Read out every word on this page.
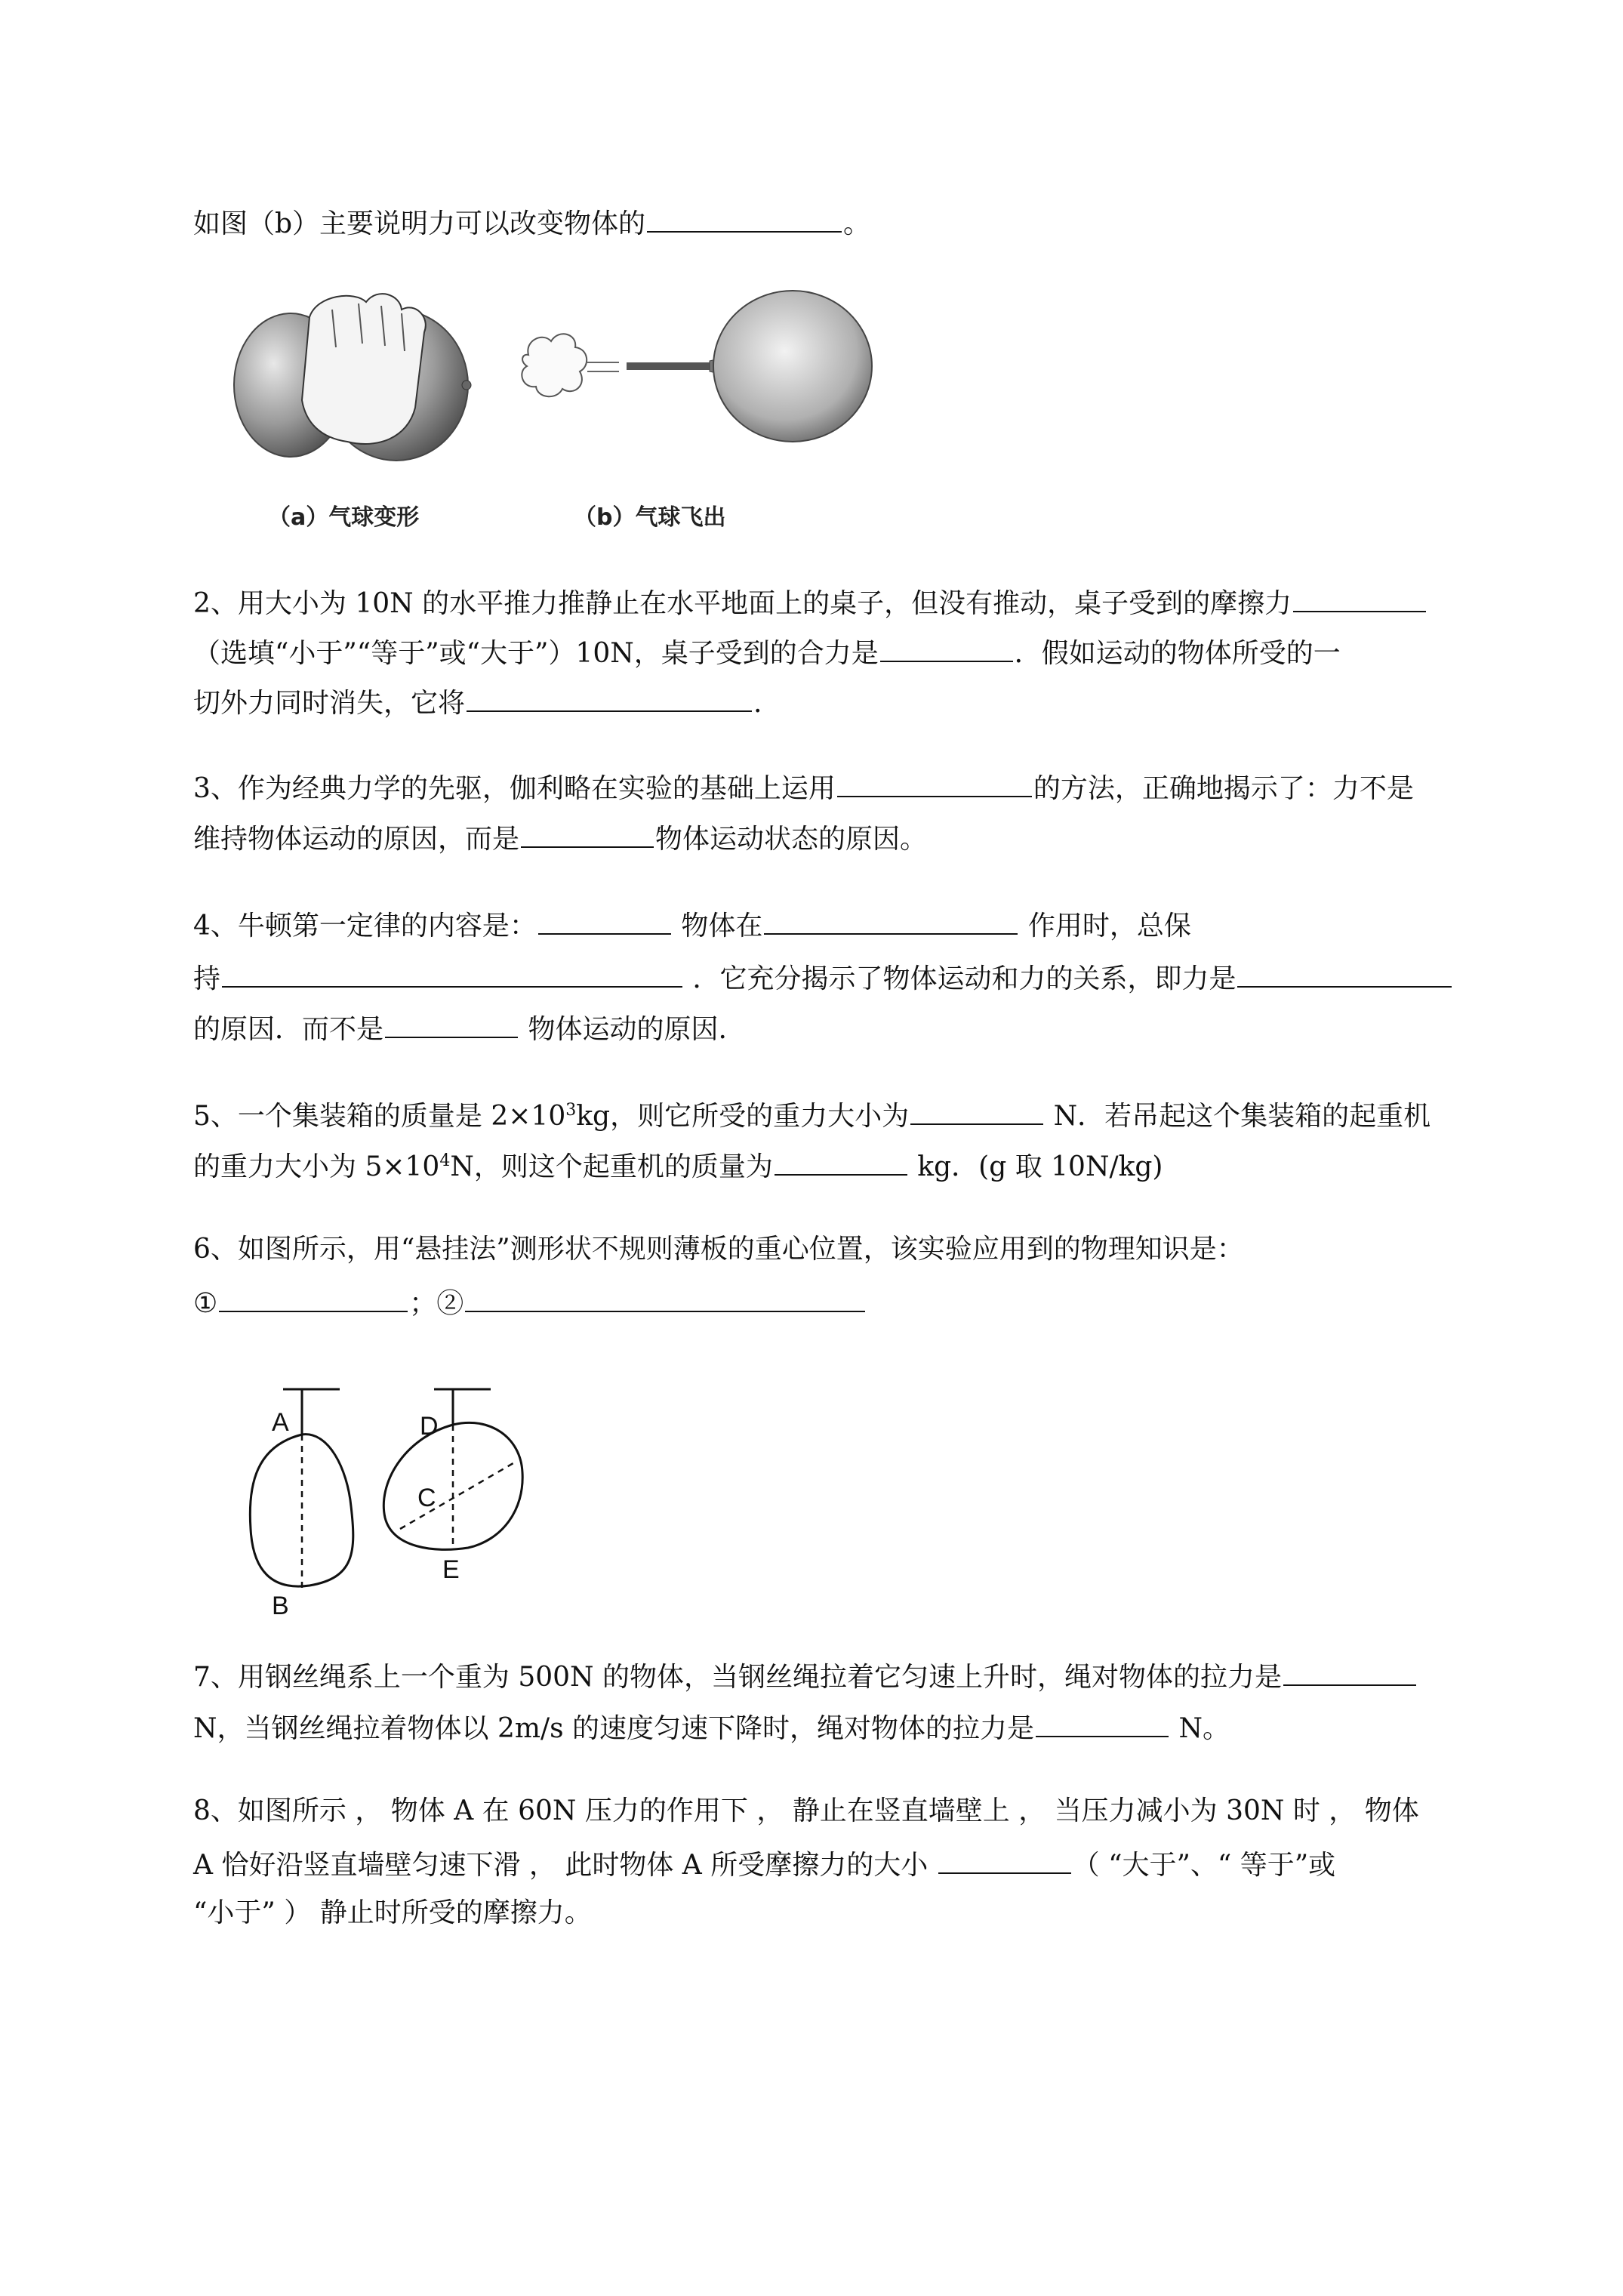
如图（b）主要说明力可以改变物体的	。
（a）气球变形	（b）气球飞出
2、用大小为 10N 的水平推力推静止在水平地面上的桌子，但没有推动，桌子受到的摩擦力
（选填“小于”“等于”或“大于”）10N，桌子受到的合力是	．假如运动的物体所受的一
切外力同时消失，它将	.
3、作为经典力学的先驱，伽利略在实验的基础上运用	的方法，正确地揭示了：力不是
维持物体运动的原因，而是	物体运动状态的原因。
4、牛顿第一定律的内容是：	物体在	作用时，总保
持	．它充分揭示了物体运动和力的关系，即力是
的原因．而不是	物体运动的原因.
5、一个集装箱的质量是 $2\times 10^3kg$，则它所受的重力大小为	N．若吊起这个集装箱的起重机
的重力大小为 $5\times 10^4N$，则这个起重机的质量为	kg．(g 取 10N/kg)
6、如图所示，用“悬挂法”测形状不规则薄板的重心位置，该实验应用到的物理知识是：
①	；②
A
B
C
D
E
7、用钢丝绳系上一个重为 500N 的物体，当钢丝绳拉着它匀速上升时，绳对物体的拉力是
N，当钢丝绳拉着物体以 2m/s 的速度匀速下降时，绳对物体的拉力是	N。
8、如图所示 ， 物体 A 在 60N 压力的作用下 ， 静止在竖直墙壁上 ， 当压力减小为 30N 时 ， 物体
A 恰好沿竖直墙壁匀速下滑 ， 此时物体 A 所受摩擦力的大小	（ “大于”、“ 等于”或
“小于” ） 静止时所受的摩擦力。
